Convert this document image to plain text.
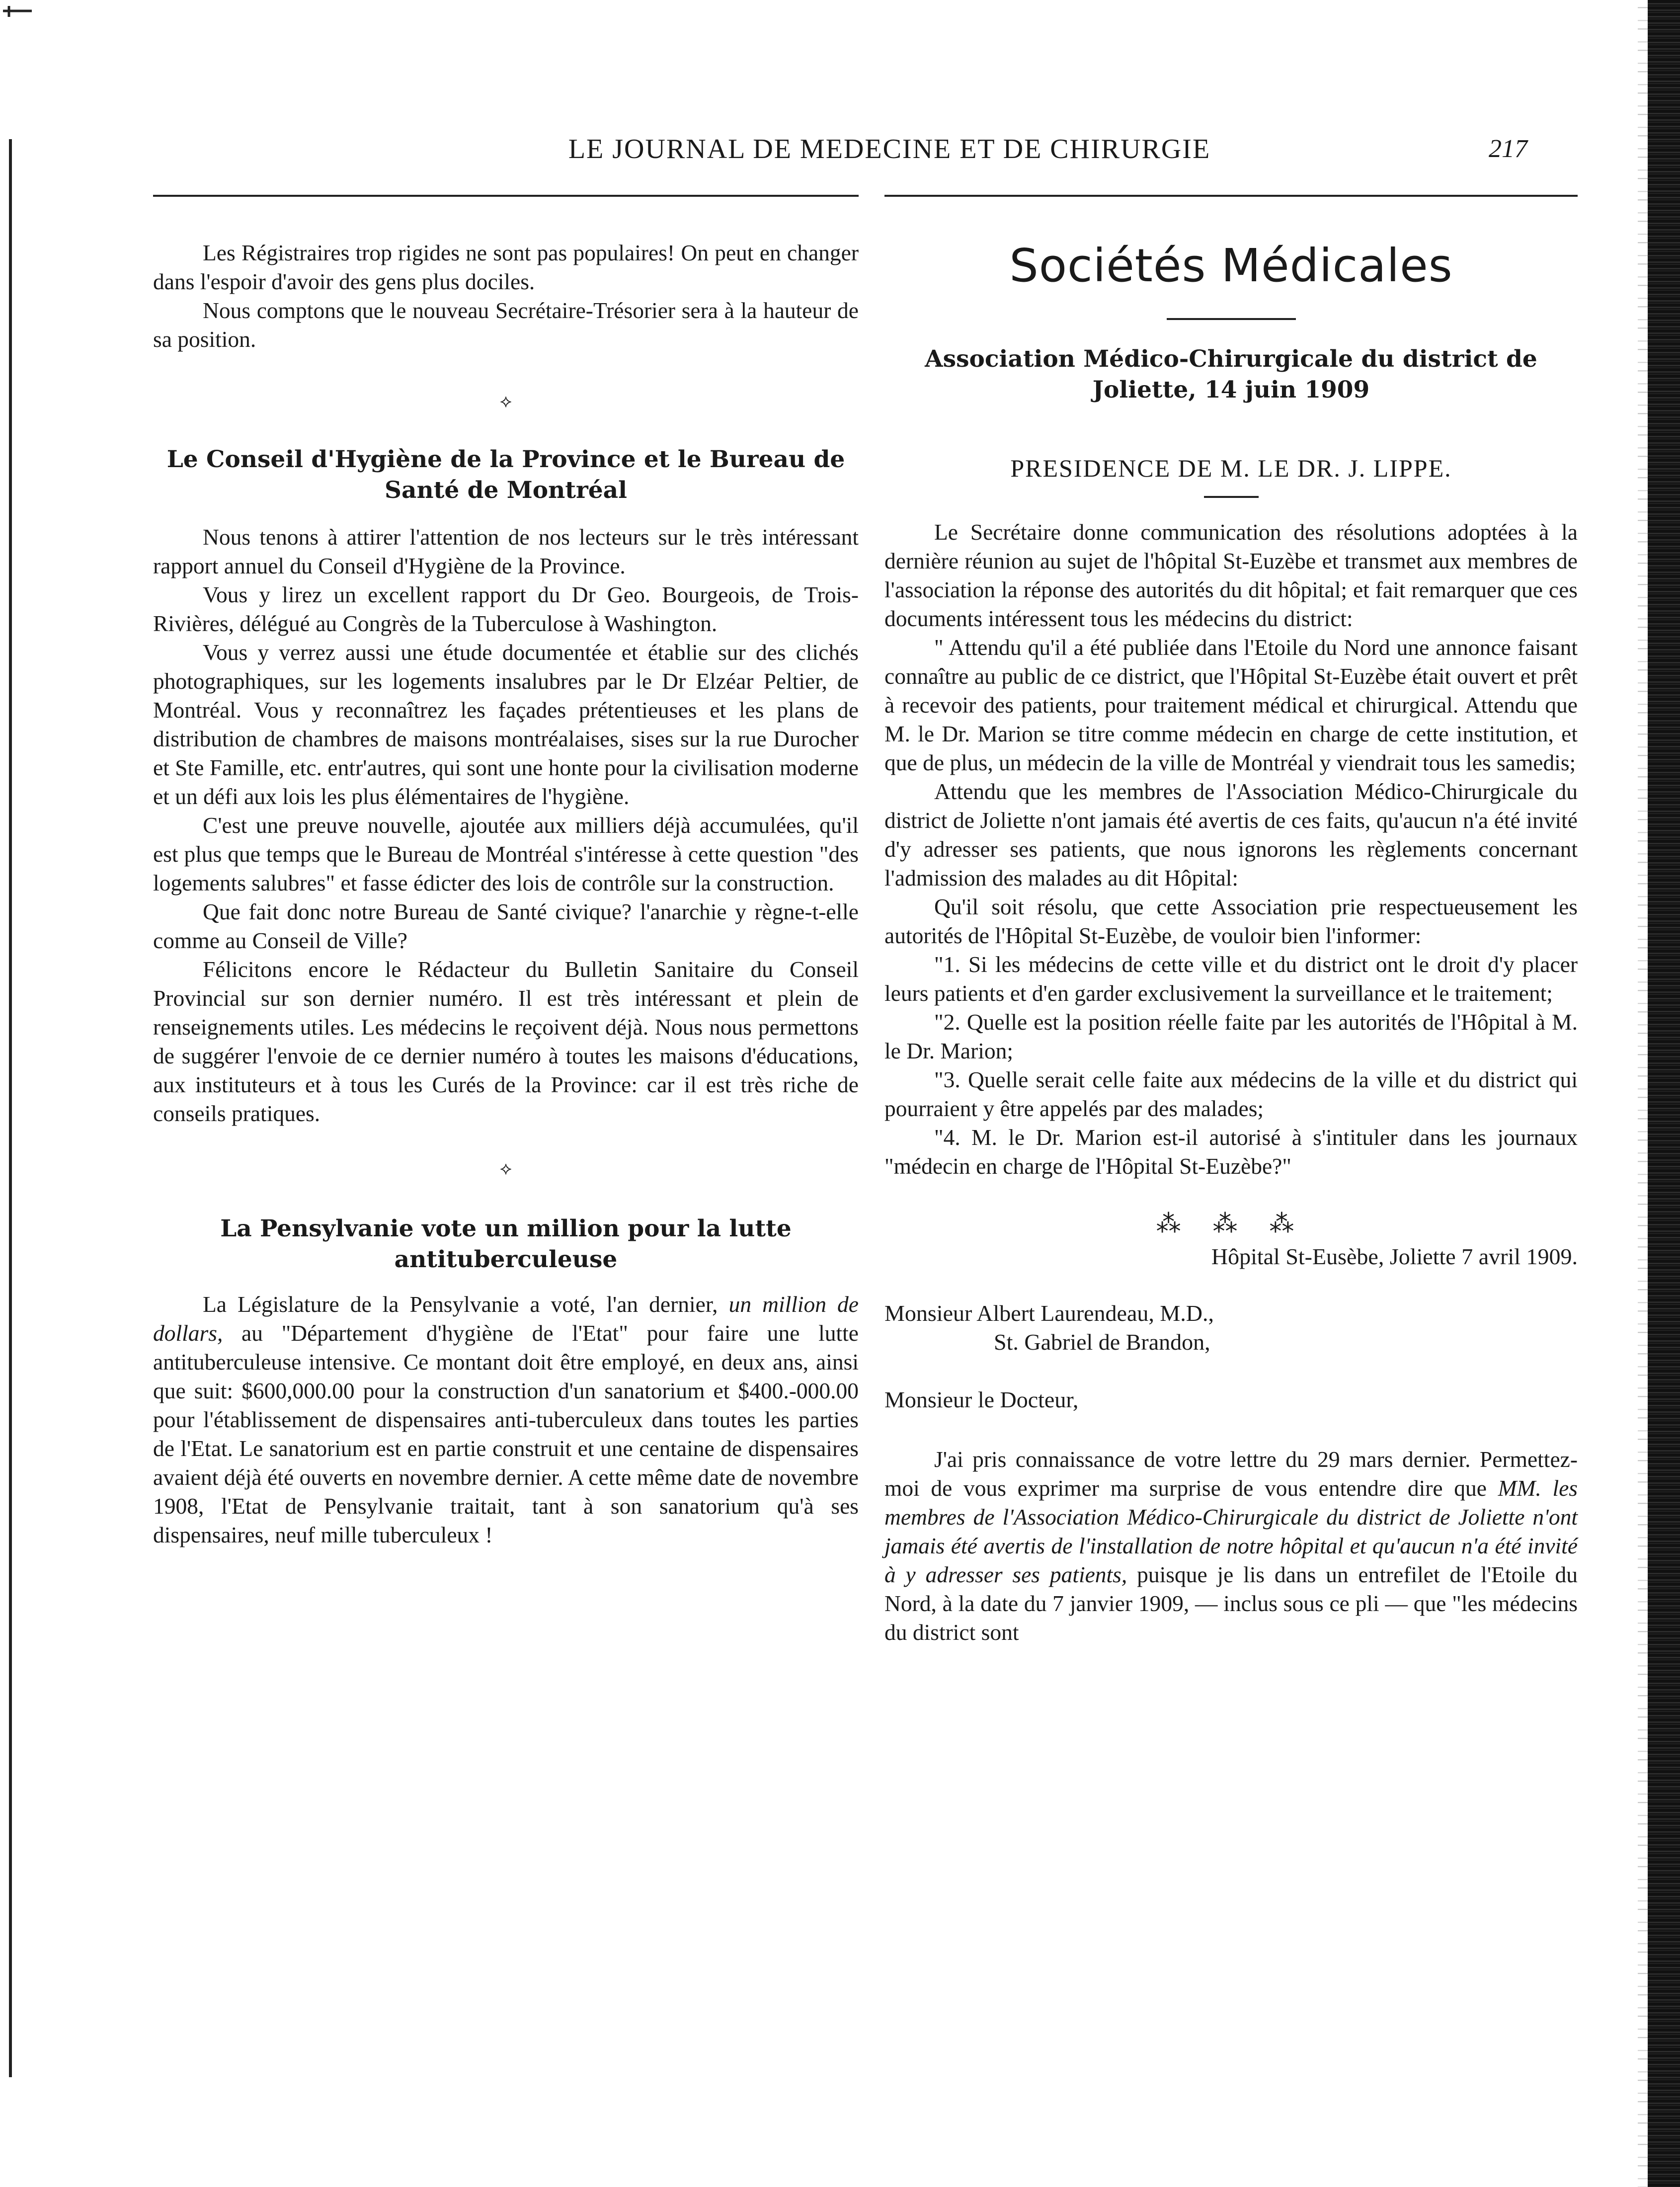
LE JOURNAL DE MEDECINE ET DE CHIRURGIE	217

Les Régistraires trop rigides ne sont pas populaires! On peut en changer dans l'espoir d'avoir des gens plus dociles.

Nous comptons que le nouveau Secrétaire-Trésorier sera à la hauteur de sa position.

⟡
Le Conseil d'Hygiène de la Province et le Bureau de Santé de Montréal

Nous tenons à attirer l'attention de nos lecteurs sur le très intéressant rapport annuel du Conseil d'Hygiène de la Province.

Vous y lirez un excellent rapport du Dr Geo. Bourgeois, de Trois-Rivières, délégué au Congrès de la Tuberculose à Washington.

Vous y verrez aussi une étude documentée et établie sur des clichés photographiques, sur les logements insalubres par le Dr Elzéar Peltier, de Montréal. Vous y reconnaîtrez les façades prétentieuses et les plans de distribution de chambres de maisons montréalaises, sises sur la rue Durocher et Ste Famille, etc. entr'autres, qui sont une honte pour la civilisation moderne et un défi aux lois les plus élémentaires de l'hygiène.

C'est une preuve nouvelle, ajoutée aux milliers déjà accumulées, qu'il est plus que temps que le Bureau de Montréal s'intéresse à cette question "des logements salubres" et fasse édicter des lois de contrôle sur la construction.

Que fait donc notre Bureau de Santé civique? l'anarchie y règne-t-elle comme au Conseil de Ville?

Félicitons encore le Rédacteur du Bulletin Sanitaire du Conseil Provincial sur son dernier numéro. Il est très intéressant et plein de renseignements utiles. Les médecins le reçoivent déjà. Nous nous permettons de suggérer l'envoie de ce dernier numéro à toutes les maisons d'éducations, aux instituteurs et à tous les Curés de la Province: car il est très riche de conseils pratiques.

⟡
La Pensylvanie vote un million pour la lutte antituberculeuse

La Législature de la Pensylvanie a voté, l'an dernier, un million de dollars, au "Département d'hygiène de l'Etat" pour faire une lutte antituberculeuse intensive. Ce montant doit être employé, en deux ans, ainsi que suit: $600,000.00 pour la construction d'un sanatorium et $400.-000.00 pour l'établissement de dispensaires anti-tuberculeux dans toutes les parties de l'Etat. Le sanatorium est en partie construit et une centaine de dispensaires avaient déjà été ouverts en novembre dernier. A cette même date de novembre 1908, l'Etat de Pensylvanie traitait, tant à son sanatorium qu'à ses dispensaires, neuf mille tuberculeux !

Sociétés Médicales
Association Médico-Chirurgicale du district de Joliette, 14 juin 1909
PRESIDENCE DE M. LE DR. J. LIPPE.

Le Secrétaire donne communication des résolutions adoptées à la dernière réunion au sujet de l'hôpital St-Euzèbe et transmet aux membres de l'association la réponse des autorités du dit hôpital; et fait remarquer que ces documents intéressent tous les médecins du district:

" Attendu qu'il a été publiée dans l'Etoile du Nord une annonce faisant connaître au public de ce district, que l'Hôpital St-Euzèbe était ouvert et prêt à recevoir des patients, pour traitement médical et chirurgical. Attendu que M. le Dr. Marion se titre comme médecin en charge de cette institution, et que de plus, un médecin de la ville de Montréal y viendrait tous les samedis;

Attendu que les membres de l'Association Médico-Chirurgicale du district de Joliette n'ont jamais été avertis de ces faits, qu'aucun n'a été invité d'y adresser ses patients, que nous ignorons les règlements concernant l'admission des malades au dit Hôpital:

Qu'il soit résolu, que cette Association prie respectueusement les autorités de l'Hôpital St-Euzèbe, de vouloir bien l'informer:

"1. Si les médecins de cette ville et du district ont le droit d'y placer leurs patients et d'en garder exclusivement la surveillance et le traitement;

"2. Quelle est la position réelle faite par les autorités de l'Hôpital à M. le Dr. Marion;

"3. Quelle serait celle faite aux médecins de la ville et du district qui pourraient y être appelés par des malades;

"4. M. le Dr. Marion est-il autorisé à s'intituler dans les journaux "médecin en charge de l'Hôpital St-Euzèbe?"

⁂ ⁂ ⁂
Hôpital St-Eusèbe, Joliette 7 avril 1909.
Monsieur Albert Laurendeau, M.D.,
St. Gabriel de Brandon,
Monsieur le Docteur,

J'ai pris connaissance de votre lettre du 29 mars dernier. Permettez-moi de vous exprimer ma surprise de vous entendre dire que MM. les membres de l'Association Médico-Chirurgicale du district de Joliette n'ont jamais été avertis de l'installation de notre hôpital et qu'aucun n'a été invité à y adresser ses patients, puisque je lis dans un entrefilet de l'Etoile du Nord, à la date du 7 janvier 1909, — inclus sous ce pli — que "les médecins du district sont
